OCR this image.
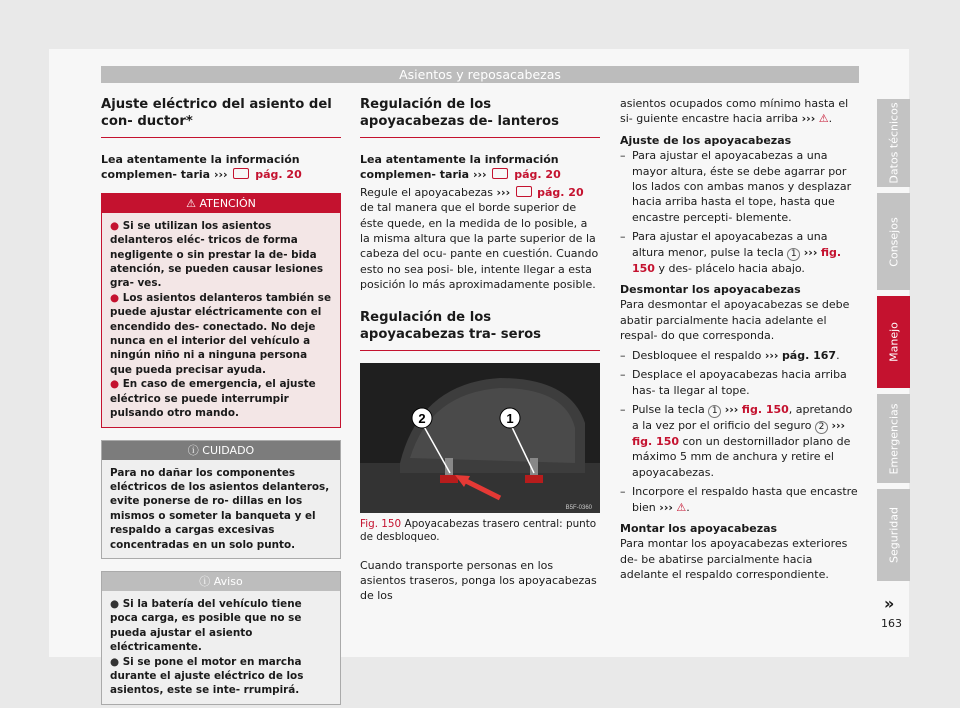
Asientos y reposacabezas
Ajuste eléctrico del asiento del con- ductor*

Lea atentamente la información complemen- taria ›››	pág. 20

⚠ ATENCIÓN

● Si se utilizan los asientos delanteros eléc- tricos de forma negligente o sin prestar la de- bida atención, se pueden causar lesiones gra- ves.

● Los asientos delanteros también se puede ajustar eléctricamente con el encendido des- conectado. No deje nunca en el interior del vehículo a ningún niño ni a ninguna persona que pueda precisar ayuda.

● En caso de emergencia, el ajuste eléctrico se puede interrumpir pulsando otro mando.

ⓘ CUIDADO

Para no dañar los componentes eléctricos de los asientos delanteros, evite ponerse de ro- dillas en los mismos o someter la banqueta y el respaldo a cargas excesivas concentradas en un solo punto.

ⓘ Aviso

● Si la batería del vehículo tiene poca carga, es posible que no se pueda ajustar el asiento eléctricamente.

● Si se pone el motor en marcha durante el ajuste eléctrico de los asientos, este se inte- rrumpirá.

Regulación de los apoyacabezas de- lanteros

Lea atentamente la información complemen- taria ›››	pág. 20

Regule el apoyacabezas ››› pág. 20 de tal manera que el borde superior de éste quede, en la medida de lo posible, a la misma altura que la parte superior de la cabeza del ocu- pante en cuestión. Cuando esto no sea posi- ble, intente llegar a esta posición lo más aproximadamente posible.

Regulación de los apoyacabezas tra- seros
2	1
B5F-0360

Fig. 150 Apoyacabezas trasero central: punto de desbloqueo.

Cuando transporte personas en los asientos traseros, ponga los apoyacabezas de los

asientos ocupados como mínimo hasta el si- guiente encastre hacia arriba ››› ⚠.

Ajuste de los apoyacabezas

– Para ajustar el apoyacabezas a una mayor altura, éste se debe agarrar por los lados con ambas manos y desplazar hacia arriba hasta el tope, hasta que encastre percepti- blemente.

– Para ajustar el apoyacabezas a una altura menor, pulse la tecla 1 ››› fig. 150 y des- plácelo hacia abajo.

Desmontar los apoyacabezas

Para desmontar el apoyacabezas se debe abatir parcialmente hacia adelante el respal- do que corresponda.

– Desbloquee el respaldo ››› pág. 167.

– Desplace el apoyacabezas hacia arriba has- ta llegar al tope.

– Pulse la tecla 1 ››› fig. 150, apretando a la vez por el orificio del seguro 2 ››› fig. 150 con un destornillador plano de máximo 5 mm de anchura y retire el apoyacabezas.

– Incorpore el respaldo hasta que encastre bien ››› ⚠.

Montar los apoyacabezas

Para montar los apoyacabezas exteriores de- be abatirse parcialmente hacia adelante el respaldo correspondiente.

Datos técnicos
Consejos
Manejo
Emergencias
Seguridad
»
163
